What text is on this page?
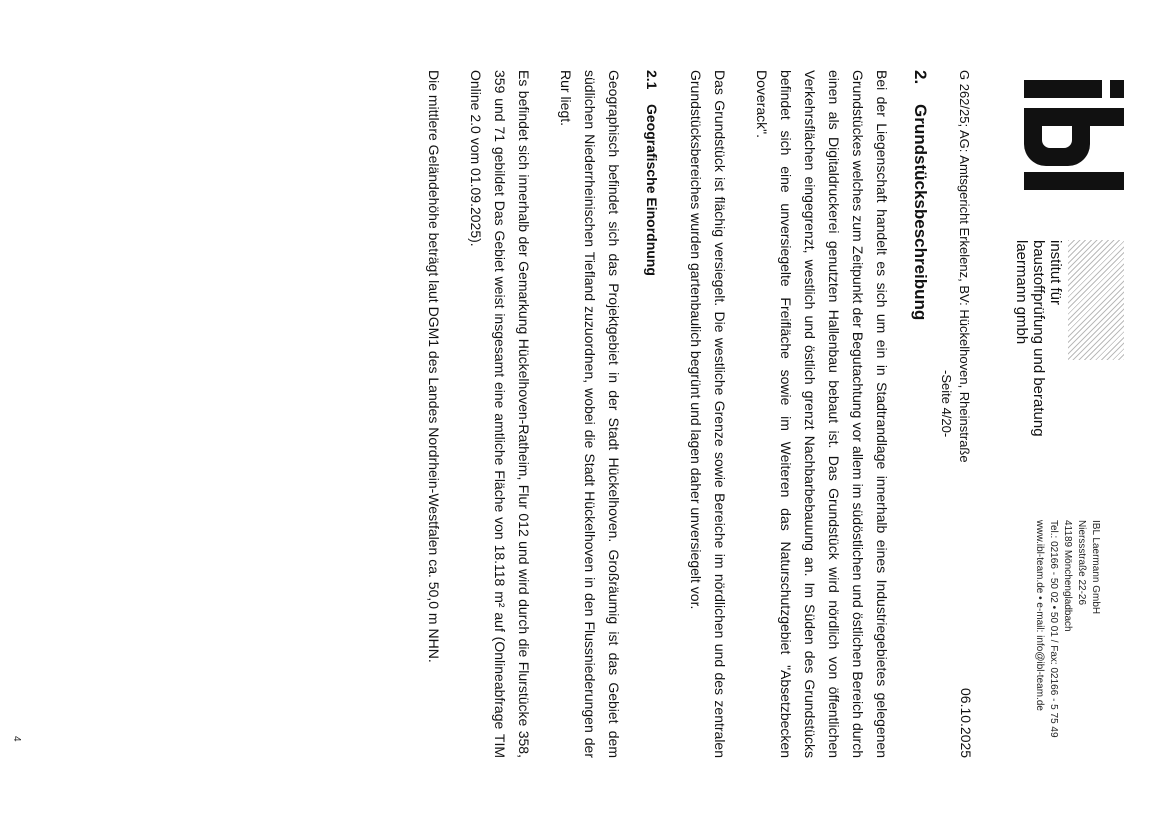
institut für
baustoffprüfung und beratung
laermann gmbh
IBL Laermann GmbH
Nierssstraße 22-26
41189 Mönchengladbach
Tel.: 02166 - 50 02 • 50 01 / Fax: 02166 - 5 75 49
www.ibl-team.de • e-mail: info@ibl-team.de
G 262/25; AG: Amtsgericht Erkelenz, BV: Hückelhoven, Rheinstraße
-Seite 4/20-
06.10.2025
2.Grundstücksbeschreibung

Bei der Liegenschaft handelt es sich um ein in Stadtrandlage innerhalb eines Industriegebietes gelegenen Grundstückes welches zum Zeitpunkt der Begutachtung vor allem im südöstlichen und östlichen Bereich durch einen als Digitaldruckerei genutzten Hallenbau bebaut ist. Das Grundstück wird nördlich von öffentlichen Verkehrsflächen eingegrenzt, westlich und östlich grenzt Nachbarbebauung an. Im Süden des Grundstücks befindet sich eine unversiegelte Freifläche sowie im Weiteren das Naturschutzgebiet "Absetzbecken Doverack".

Das Grundstück ist flächig versiegelt. Die westliche Grenze sowie Bereiche im nördlichen und des zentralen Grundstücksbereiches wurden gartenbaulich begrünt und lagen daher unversiegelt vor.

2.1Geografische Einordnung

Geographisch befindet sich das Projektgebiet in der Stadt Hückelhoven. Großräumig ist das Gebiet dem südlichen Niederrheinischen Tiefland zuzuordnen, wobei die Stadt Hückelhoven in den Flussniederungen der Rur liegt.

Es befindet sich innerhalb der Gemarkung Hückelhoven-Ratheim, Flur 012 und wird durch die Flurstücke 358, 359 und 71 gebildet Das Gebiet weist insgesamt eine amtliche Fläche von 18.118 m² auf (Onlineabfrage TIM Online 2.0 vom 01.09.2025).

Die mittlere Geländehöhe beträgt laut DGM1 des Landes Nordrhein-Westfalen ca. 50,0 m NHN.

4
